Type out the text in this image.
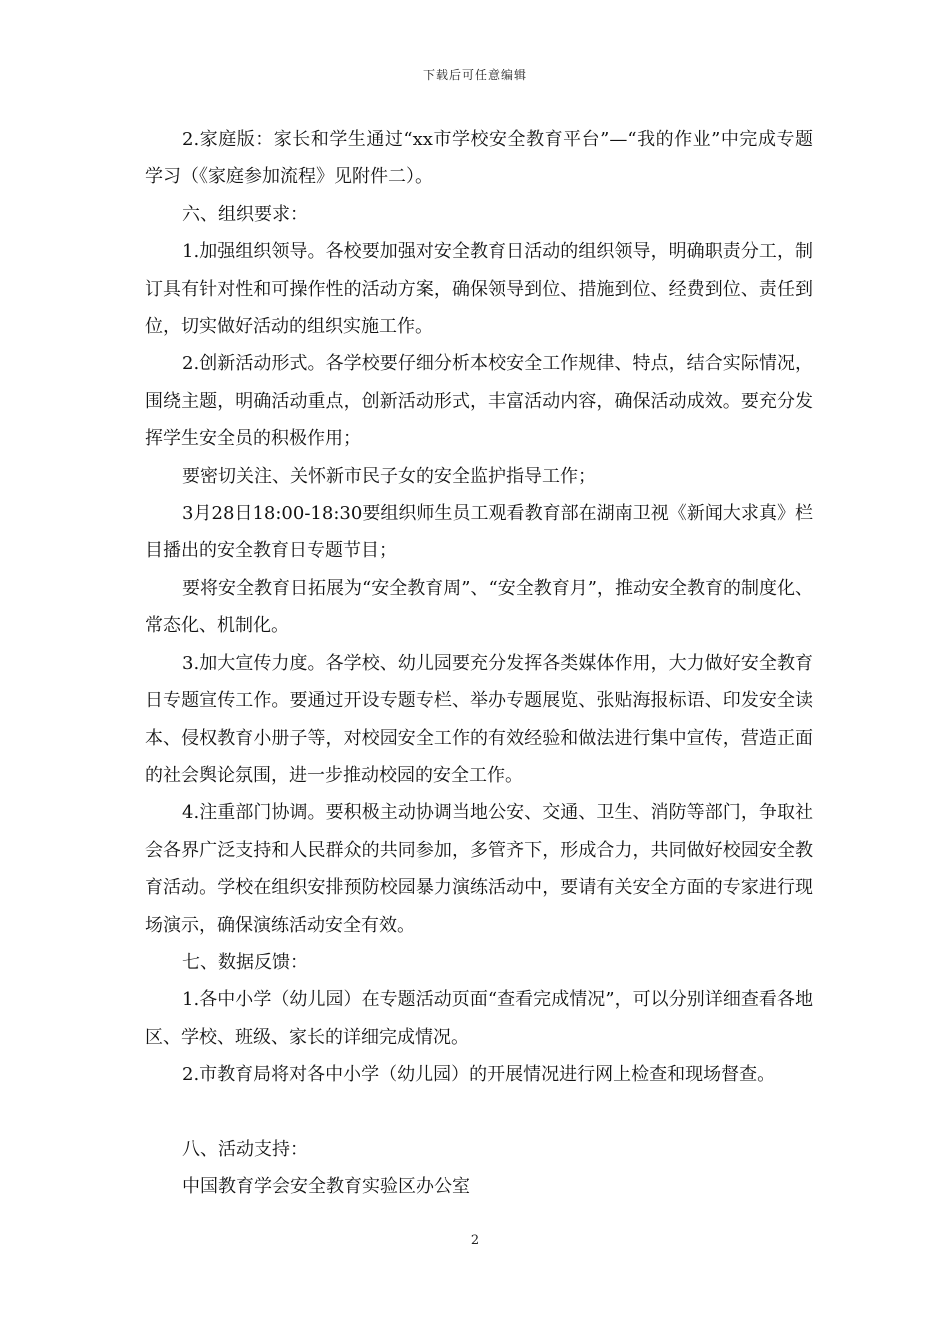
下载后可任意编辑

2.家庭版：家长和学生通过“xx市学校安全教育平台”—“我的作业”中完成专题学习（《家庭参加流程》见附件二）。

六、组织要求：

1.加强组织领导。各校要加强对安全教育日活动的组织领导，明确职责分工，制订具有针对性和可操作性的活动方案，确保领导到位、措施到位、经费到位、责任到位，切实做好活动的组织实施工作。

2.创新活动形式。各学校要仔细分析本校安全工作规律、特点，结合实际情况，围绕主题，明确活动重点，创新活动形式，丰富活动内容，确保活动成效。要充分发挥学生安全员的积极作用；

要密切关注、关怀新市民子女的安全监护指导工作；

3月28日18:00-18:30要组织师生员工观看教育部在湖南卫视《新闻大求真》栏目播出的安全教育日专题节目；

要将安全教育日拓展为“安全教育周”、“安全教育月”，推动安全教育的制度化、常态化、机制化。

3.加大宣传力度。各学校、幼儿园要充分发挥各类媒体作用，大力做好安全教育日专题宣传工作。要通过开设专题专栏、举办专题展览、张贴海报标语、印发安全读本、侵权教育小册子等，对校园安全工作的有效经验和做法进行集中宣传，营造正面的社会舆论氛围，进一步推动校园的安全工作。

4.注重部门协调。要积极主动协调当地公安、交通、卫生、消防等部门，争取社会各界广泛支持和人民群众的共同参加，多管齐下，形成合力，共同做好校园安全教育活动。学校在组织安排预防校园暴力演练活动中，要请有关安全方面的专家进行现场演示，确保演练活动安全有效。

七、数据反馈：

1.各中小学（幼儿园）在专题活动页面“查看完成情况”，可以分别详细查看各地区、学校、班级、家长的详细完成情况。

2.市教育局将对各中小学（幼儿园）的开展情况进行网上检查和现场督查。

八、活动支持：

中国教育学会安全教育实验区办公室

2
